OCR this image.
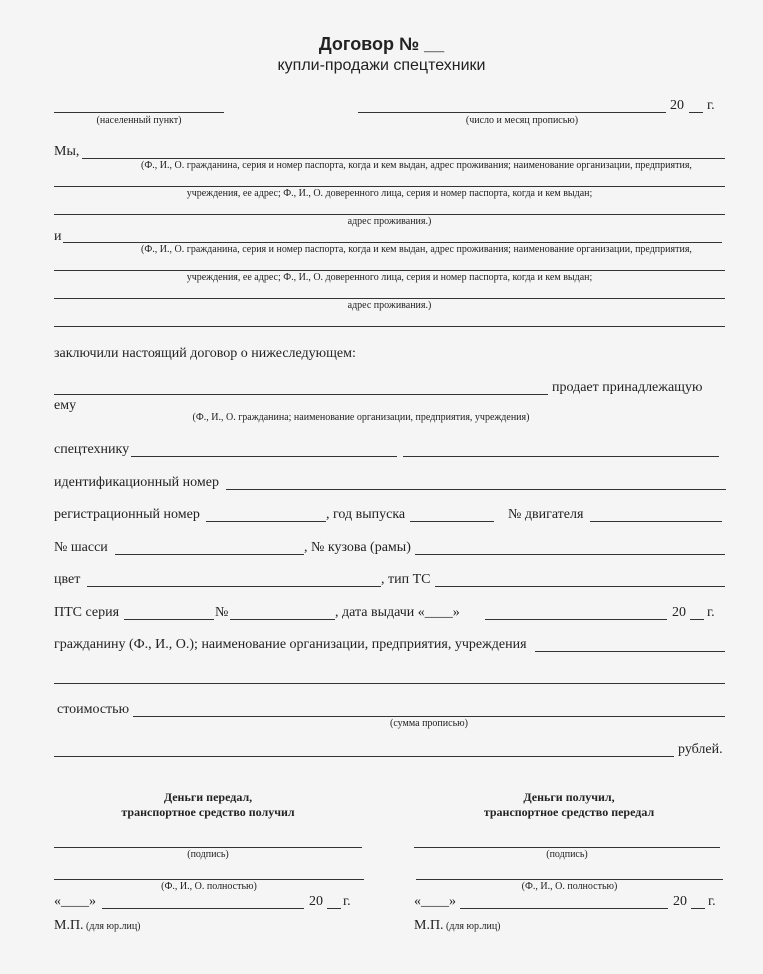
Договор № __
купли-продажи спецтехники
(населенный пункт)	(число и месяц прописью)
20 г.
Мы,
(Ф., И., О. гражданина, серия и номер паспорта, когда и кем выдан, адрес проживания; наименование организации, предприятия,
учреждения, ее адрес; Ф., И., О. доверенного лица, серия и номер паспорта, когда и кем выдан;
адрес проживания.)
и
(Ф., И., О. гражданина, серия и номер паспорта, когда и кем выдан, адрес проживания; наименование организации, предприятия,
учреждения, ее адрес; Ф., И., О. доверенного лица, серия и номер паспорта, когда и кем выдан;
адрес проживания.)
заключили настоящий договор о нижеследующем:
продает принадлежащую
ему
(Ф., И., О. гражданина; наименование организации, предприятия, учреждения)
спецтехнику
идентификационный номер
регистрационный номер	, год выпуска	№ двигателя
№ шасси	, № кузова (рамы)
цвет	, тип ТС
ПТС серия	№	, дата выдачи «____»	20 г.
гражданину (Ф., И., О.); наименование организации, предприятия, учреждения
стоимостью
(сумма прописью)
рублей.
Деньги передал,
транспортное средство получил
(подпись)
(Ф., И., О. полностью)
«____»	20 г.
М.П. (для юр.лиц)
Деньги получил,
транспортное средство передал
(подпись)
(Ф., И., О. полностью)
«____»	20 г.
М.П. (для юр.лиц)
